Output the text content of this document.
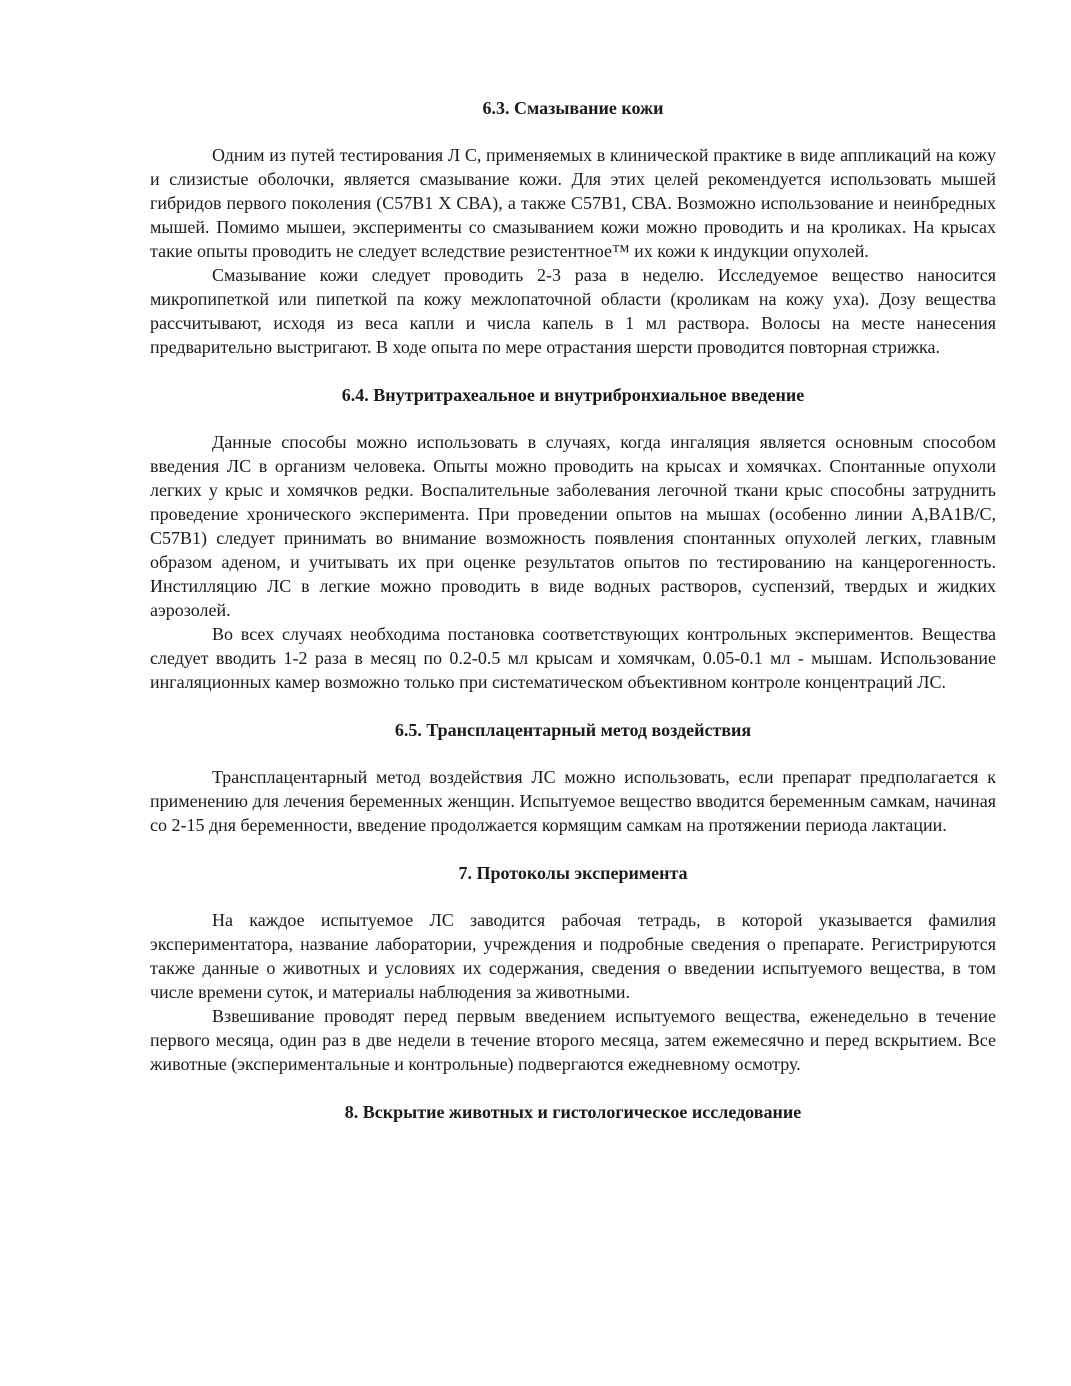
6.3. Смазывание кожи

Одним из путей тестирования Л С, применяемых в клинической практике в виде аппликаций на кожу и слизистые оболочки, является смазывание кожи. Для этих целей рекомендуется использовать мышей гибридов первого поколения (С57В1 X СВА), а также С57В1, СВА. Возможно использование и неинбредных мышей. Помимо мышеи, эксперименты со смазыванием кожи можно проводить и на кроликах. На крысах такие опыты проводить не следует вследствие резистентное™ их кожи к индукции опухолей.

Смазывание кожи следует проводить 2-3 раза в неделю. Исследуемое вещество наносится микропипеткой или пипеткой па кожу межлопаточной области (кроликам на кожу уха). Дозу вещества рассчитывают, исходя из веса капли и числа капель в 1 мл раствора. Волосы на месте нанесения предварительно выстригают. В ходе опыта по мере отрастания шерсти проводится повторная стрижка.

6.4. Внутритрахеальное и внутрибронхиальное введение

Данные способы можно использовать в случаях, когда ингаляция является основным способом введения ЛС в организм человека. Опыты можно проводить на крысах и хомячках. Спонтанные опухоли легких у крыс и хомячков редки. Воспалительные заболевания легочной ткани крыс способны затруднить проведение хронического эксперимента. При проведении опытов на мышах (особенно линии A,BA1B/C, C57B1) следует принимать во внимание возможность появления спонтанных опухолей легких, главным образом аденом, и учитывать их при оценке результатов опытов по тестированию на канцерогенность. Инстилляцию ЛС в легкие можно проводить в виде водных растворов, суспензий, твердых и жидких аэрозолей.

Во всех случаях необходима постановка соответствующих контрольных экспериментов. Вещества следует вводить 1-2 раза в месяц по 0.2-0.5 мл крысам и хомячкам, 0.05-0.1 мл - мышам. Использование ингаляционных камер возможно только при систематическом объективном контроле концентраций ЛС.

6.5. Трансплацентарный метод воздействия

Трансплацентарный метод воздействия ЛС можно использовать, если препарат предполагается к применению для лечения беременных женщин. Испытуемое вещество вводится беременным самкам, начиная со 2-15 дня беременности, введение продолжается кормящим самкам на протяжении периода лактации.

7. Протоколы эксперимента

На каждое испытуемое ЛС заводится рабочая тетрадь, в которой указывается фамилия экспериментатора, название лаборатории, учреждения и подробные сведения о препарате. Регистрируются также данные о животных и условиях их содержания, сведения о введении испытуемого вещества, в том числе времени суток, и материалы наблюдения за животными.

Взвешивание проводят перед первым введением испытуемого вещества, еженедельно в течение первого месяца, один раз в две недели в течение второго месяца, затем ежемесячно и перед вскрытием. Все животные (экспериментальные и контрольные) подвергаются ежедневному осмотру.

8. Вскрытие животных и гистологическое исследование
